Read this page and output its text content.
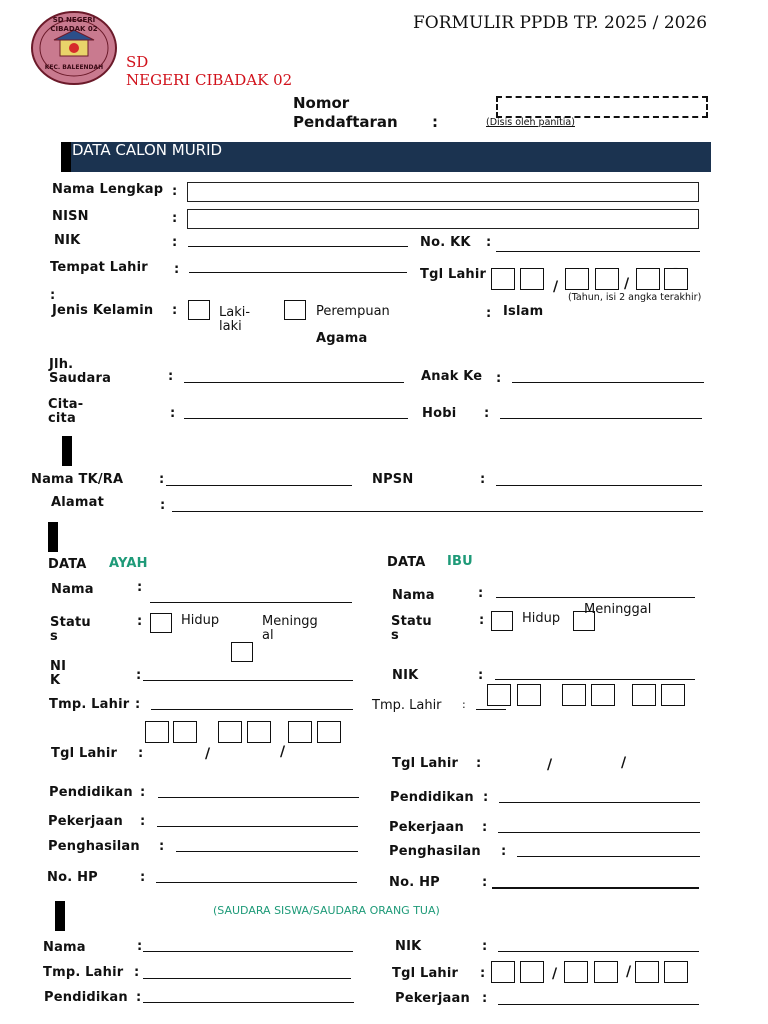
SD NEGERI CIBADAK 02
KEC. BALEENDAH
FORMULIR PPDB TP. 2025 / 2026
SD
NEGERI CIBADAK 02
Nomor
Pendaftaran :	(Disis oleh panitia)
DATA CALON MURID
Nama Lengkap :
NISN	:
NIK	:	No. KK :
Tempat Lahir :	Tgl Lahir
/	/
–
(Tahun, isi 2 angka terakhir)
:
Jenis Kelamin :	Laki-
laki
Perempuan	: Islam
Agama
Jlh.
Saudara	:	Anak Ke :
Cita-
cita	:	Hobi :
Nama TK/RA	:	NPSN	:
Alamat	:
DATA AYAH	DATA IBU
Nama	:
Statu
s
:	Hidup	Meningg
al
NI
K	:
Tmp. Lahir :
Tgl Lahir :	/	/
Pendidikan :
Pekerjaan :
Penghasilan :
No. HP	:
Nama	:
Statu
s
:	Hidup
Meninggal
NIK	:
Tmp. Lahir :
Tgl Lahir :	/	/
Pendidikan :
Pekerjaan :
Penghasilan :
No. HP	:
(SAUDARA SISWA/SAUDARA ORANG TUA)
Nama	:	NIK	:
Tmp. Lahir :	Tgl Lahir :	/	/
Pendidikan :	Pekerjaan :
